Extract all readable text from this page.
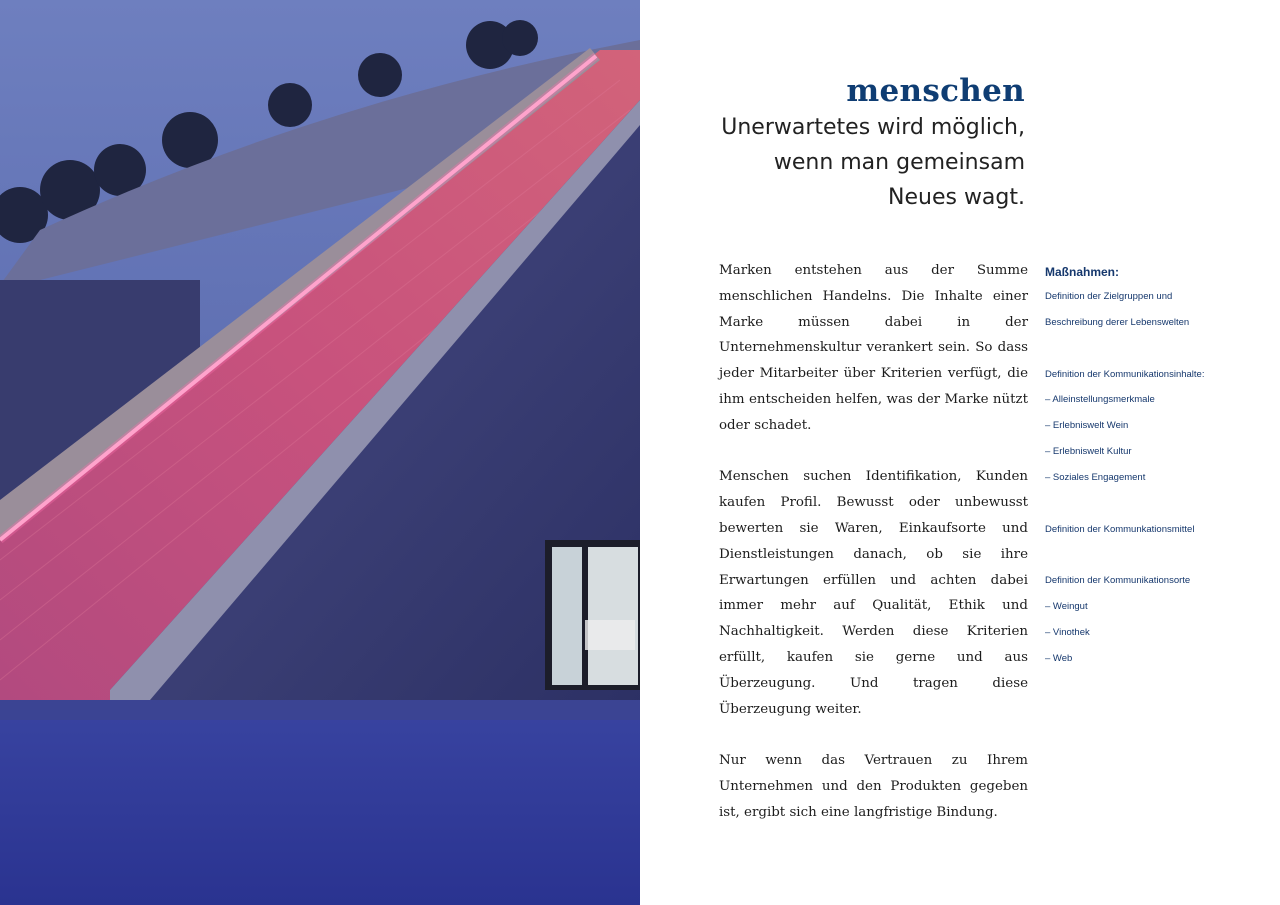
menschen
Unerwartetes wird möglich,
wenn man gemeinsam
Neues wagt.

Marken entstehen aus der Summe menschlichen Handelns. Die Inhalte einer Marke müssen dabei in der Unternehmenskultur verankert sein. So dass jeder Mitarbeiter über Kriterien verfügt, die ihm entscheiden helfen, was der Marke nützt oder schadet.

Menschen suchen Identifikation, Kunden kaufen Profil. Bewusst oder unbewusst bewerten sie Waren, Einkaufsorte und Dienstleistungen danach, ob sie ihre Erwartungen erfüllen und achten dabei immer mehr auf Qualität, Ethik und Nachhaltigkeit. Werden diese Kriterien erfüllt, kaufen sie gerne und aus Überzeugung. Und tragen diese Überzeugung weiter.

Nur wenn das Vertrauen zu Ihrem Unternehmen und den Produkten gegeben ist, ergibt sich eine langfristige Bindung.

Maßnahmen:
Definition der Zielgruppen und
Beschreibung derer Lebenswelten
Definition der Kommunikationsinhalte:
– Alleinstellungsmerkmale
– Erlebniswelt Wein
– Erlebniswelt Kultur
– Soziales Engagement
Definition der Kommunkationsmittel
Definition der Kommunikationsorte
– Weingut
– Vinothek
– Web
